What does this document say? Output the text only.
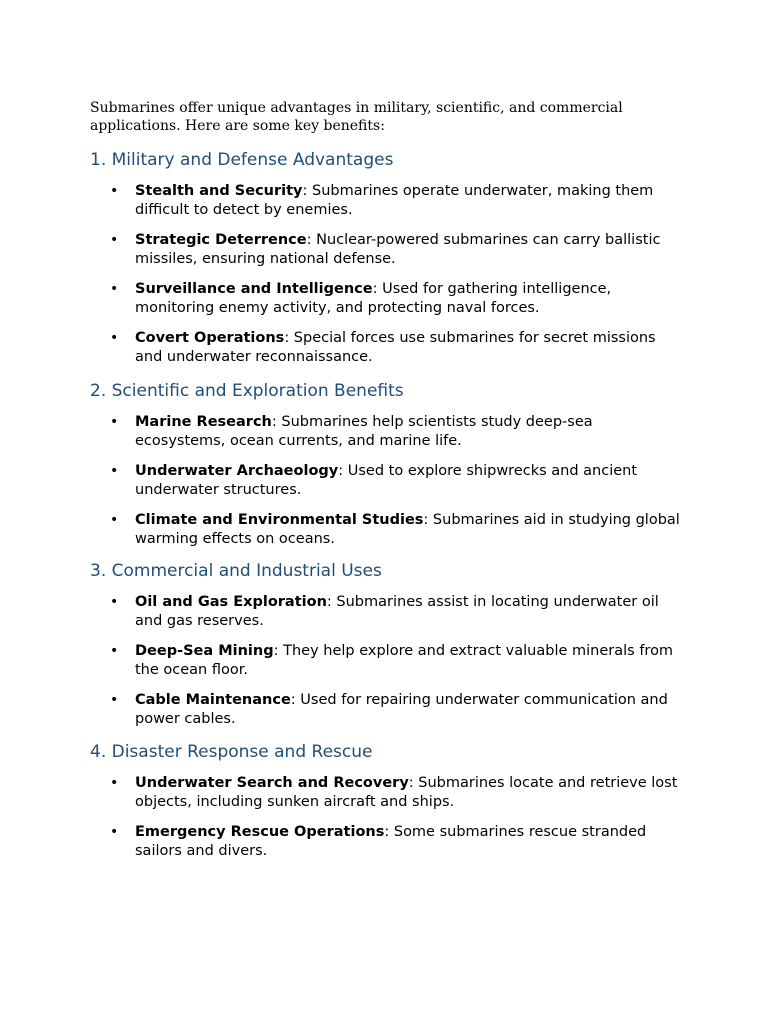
Submarines offer unique advantages in military, scientific, and commercial applications. Here are some key benefits:

1. Military and Defense Advantages
• Stealth and Security: Submarines operate underwater, making them difficult to detect by enemies.
• Strategic Deterrence: Nuclear-powered submarines can carry ballistic missiles, ensuring national defense.
• Surveillance and Intelligence: Used for gathering intelligence, monitoring enemy activity, and protecting naval forces.
• Covert Operations: Special forces use submarines for secret missions and underwater reconnaissance.
2. Scientific and Exploration Benefits
• Marine Research: Submarines help scientists study deep-sea ecosystems, ocean currents, and marine life.
• Underwater Archaeology: Used to explore shipwrecks and ancient underwater structures.
• Climate and Environmental Studies: Submarines aid in studying global warming effects on oceans.
3. Commercial and Industrial Uses
• Oil and Gas Exploration: Submarines assist in locating underwater oil and gas reserves.
• Deep-Sea Mining: They help explore and extract valuable minerals from the ocean floor.
• Cable Maintenance: Used for repairing underwater communication and power cables.
4. Disaster Response and Rescue
• Underwater Search and Recovery: Submarines locate and retrieve lost objects, including sunken aircraft and ships.
• Emergency Rescue Operations: Some submarines rescue stranded sailors and divers.
